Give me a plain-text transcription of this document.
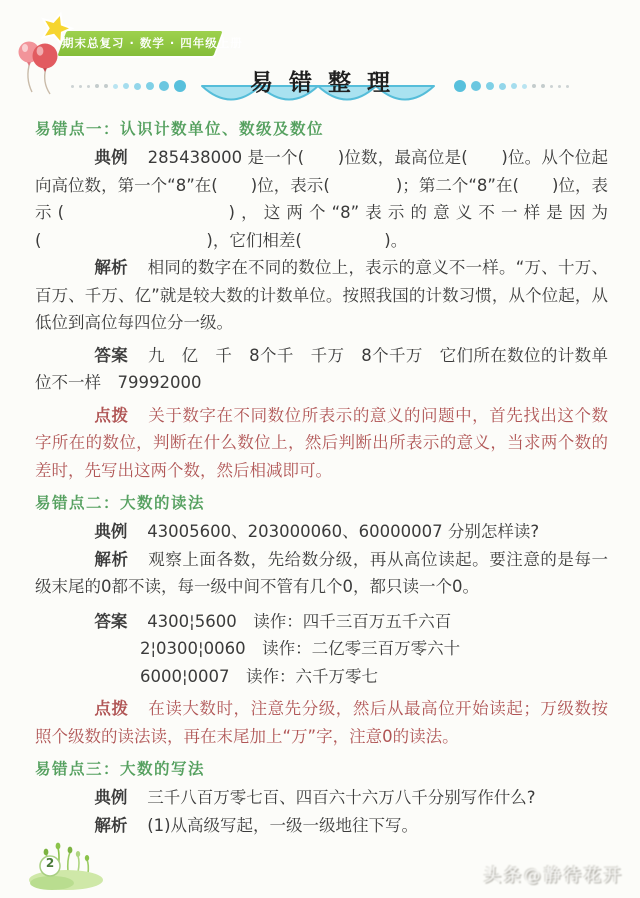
期末总复习 · 数学 · 四年级上册
易错整理

易错点一：认识计数单位、数级及数位

典例 285438000 是一个(　　)位数，最高位是(　　)位。从个位起向高位数，第一个“8”在(　　)位，表示(　　　　)；第二个“8”在(　　)位，表示(　　　　　　　)，这两个“8”表示的意义不一样是因为(　　　　　　　　　　)，它们相差(　　　　　)。

解析 相同的数字在不同的数位上，表示的意义不一样。“万、十万、百万、千万、亿”就是较大数的计数单位。按照我国的计数习惯，从个位起，从低位到高位每四位分一级。

答案 九　亿　千　8个千　千万　8个千万　它们所在数位的计数单位不一样　79992000

点拨 关于数字在不同数位所表示的意义的问题中，首先找出这个数字所在的数位，判断在什么数位上，然后判断出所表示的意义，当求两个数的差时，先写出这两个数，然后相减即可。

易错点二：大数的读法

典例 43005600、203000060、60000007 分别怎样读?

解析 观察上面各数，先给数分级，再从高位读起。要注意的是每一级末尾的0都不读，每一级中间不管有几个0，都只读一个0。

答案 4300¦5600　读作：四千三百万五千六百

2¦0300¦0060　读作：二亿零三百万零六十

6000¦0007　读作：六千万零七

点拨 在读大数时，注意先分级，然后从最高位开始读起；万级数按照个级数的读法读，再在末尾加上“万”字，注意0的读法。

易错点三：大数的写法

典例 三千八百万零七百、四百六十六万八千分别写作什么?

解析 (1)从高级写起，一级一级地往下写。

2
头条@静待花开
